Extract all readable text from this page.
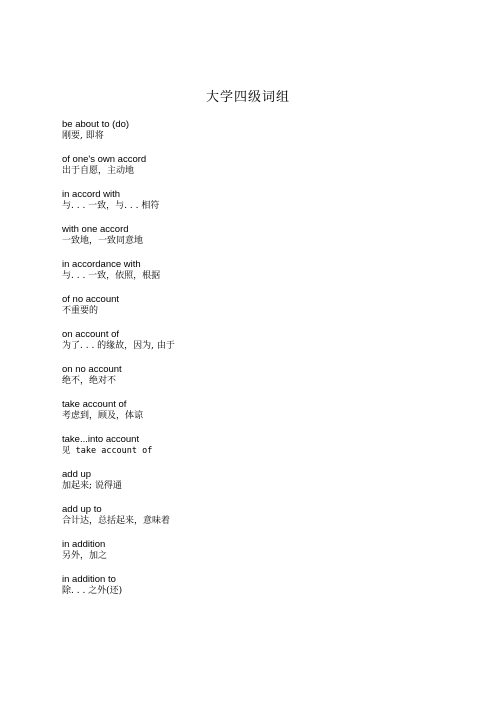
大学四级词组
be about to (do)
刚要, 即将
of one's own accord
出于自愿，主动地
in accord with
与. . . 一致，与. . . 相符
with one accord
一致地，一致同意地
in accordance with
与. . . 一致，依照，根据
of no account
不重要的
on account of
为了. . . 的缘故，因为, 由于
on no account
绝不，绝对不
take account of
考虑到，顾及，体谅
take...into account
见 take account of
add up
加起来; 说得通
add up to
合计达，总括起来，意味着
in addition
另外，加之
in addition to
除. . . 之外(还)
